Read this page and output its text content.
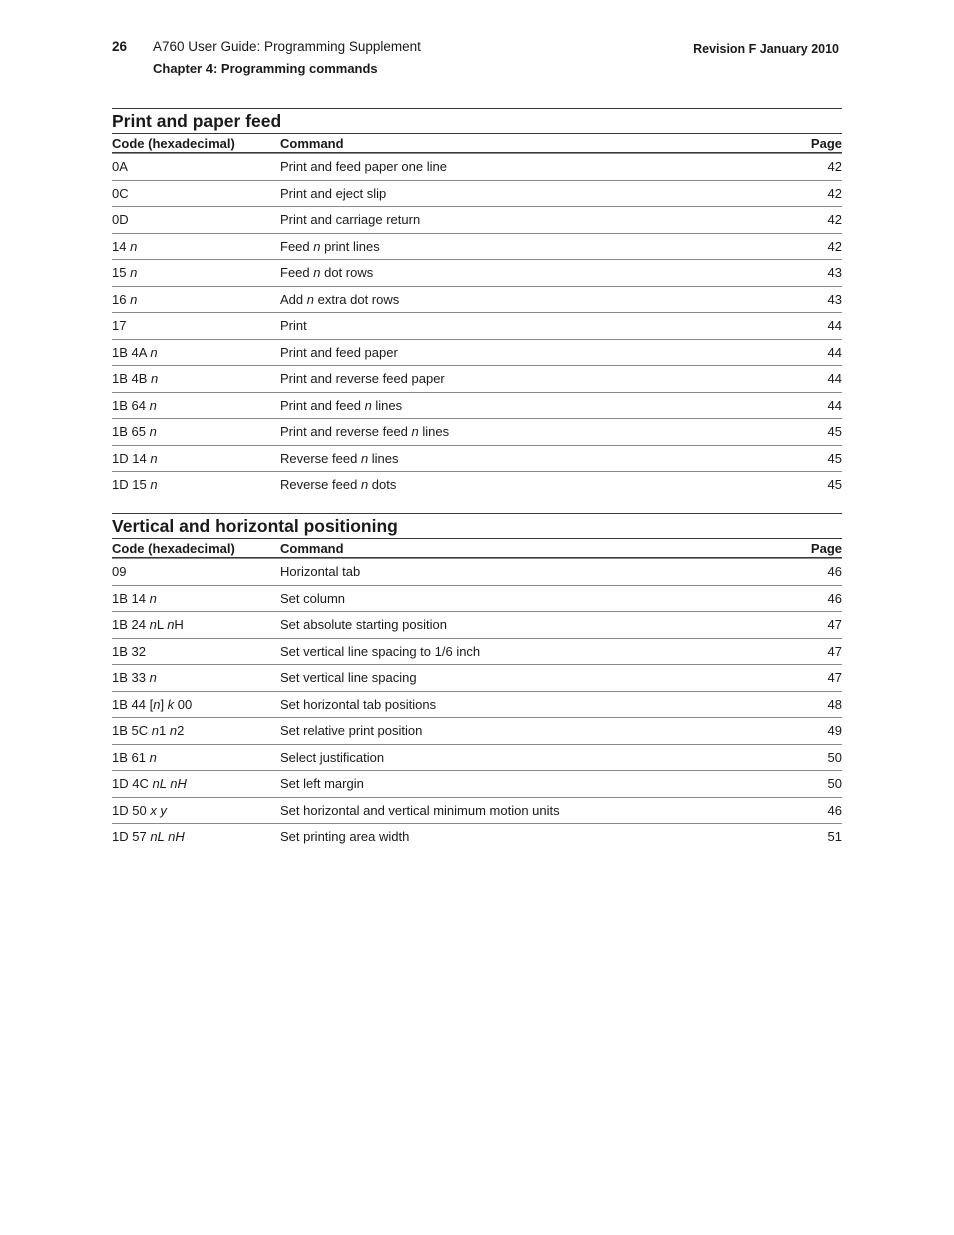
26 A760 User Guide: Programming Supplement
Chapter 4: Programming commands
Revision F January 2010
Print and paper feed
Code (hexadecimal)	Command	Page
0A	Print and feed paper one line	42
0C	Print and eject slip	42
0D	Print and carriage return	42
14 n	Feed n print lines	42
15 n	Feed n dot rows	43
16 n	Add n extra dot rows	43
17	Print	44
1B 4A n	Print and feed paper	44
1B 4B n	Print and reverse feed paper	44
1B 64 n	Print and feed n lines	44
1B 65 n	Print and reverse feed n lines	45
1D 14 n	Reverse feed n lines	45
1D 15 n	Reverse feed n dots	45
Vertical and horizontal positioning
Code (hexadecimal)	Command	Page
09	Horizontal tab	46
1B 14 n	Set column	46
1B 24 nL nH	Set absolute starting position	47
1B 32	Set vertical line spacing to 1/6 inch	47
1B 33 n	Set vertical line spacing	47
1B 44 [n] k 00	Set horizontal tab positions	48
1B 5C n1 n2	Set relative print position	49
1B 61 n	Select justification	50
1D 4C nL nH	Set left margin	50
1D 50 x y	Set horizontal and vertical minimum motion units	46
1D 57 nL nH	Set printing area width	51
